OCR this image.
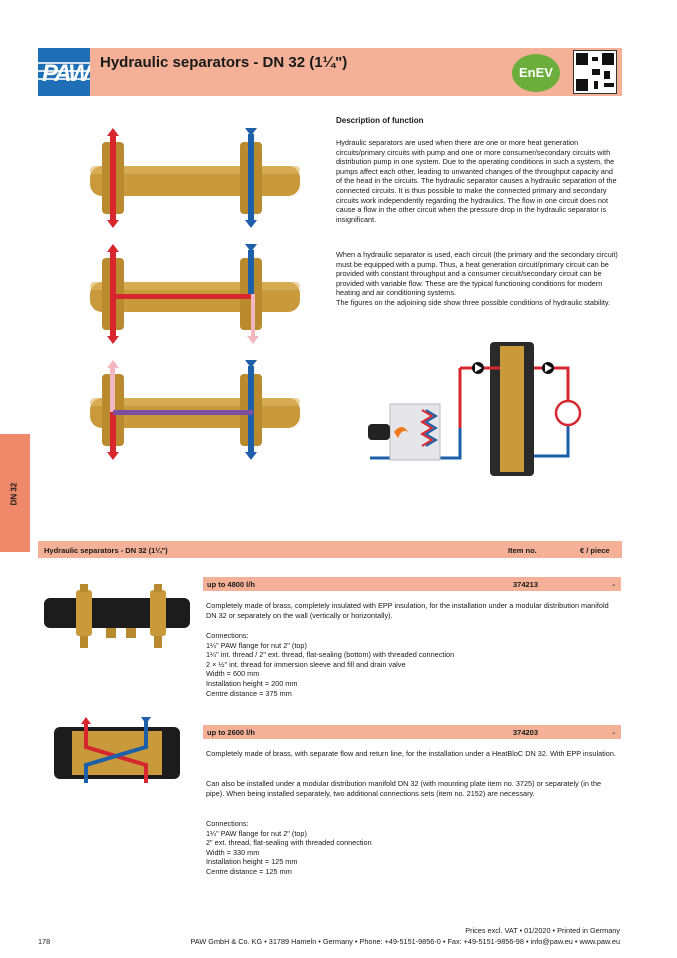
PAW Hydraulic separators - DN 32 (1¼")
EnEV
DN 32
Description of function
Hydraulic separators are used when there are one or more heat generation circuits/primary circuits with pump and one or more consumer/secondary circuits with distribution pump in one system. Due to the operating conditions in such a system, the pumps affect each other, leading to unwanted changes of the throughput capacity and of the head in the circuits. The hydraulic separator causes a hydraulic separation of the connected circuits. It is thus possible to make the connected primary and secondary circuits work independently regarding the hydraulics. The flow in one circuit does not cause a flow in the other circuit when the pressure drop in the hydraulic separator is insignificant.
When a hydraulic separator is used, each circuit (the primary and the secondary circuit) must be equipped with a pump. Thus, a heat generation circuit/primary circuit can be provided with constant throughput and a consumer circuit/secondary circuit can be provided with variable flow. These are the typical functioning conditions for modern heating and air conditioning systems.
The figures on the adjoining side show three possible conditions of hydraulic stability.
Hydraulic separators - DN 32 (1¼")	Item no.	€ / piece
up to 4800 l/h	374213	-
Completely made of brass, completely insulated with EPP insulation, for the installation under a modular distribution manifold DN 32 or separately on the wall (vertically or horizontally).
Connections:
1¼" PAW flange for nut 2" (top)
1¼" int. thread / 2" ext. thread, flat-sealing (bottom) with threaded connection
2 × ½" int. thread for immersion sleeve and fill and drain valve
Width = 600 mm
Installation height = 200 mm
Centre distance = 375 mm
up to 2600 l/h	374203	-
Completely made of brass, with separate flow and return line, for the installation under a HeatBloC DN 32. With EPP insulation.
Can also be installed under a modular distribution manifold DN 32 (with mounting plate item no. 3725) or separately (in the pipe). When being installed separately, two additional connections sets (item no. 2152) are necessary.
Connections:
1¼" PAW flange for nut 2" (top)
2" ext. thread, flat-sealing with threaded connection
Width = 330 mm
Installation height = 125 mm
Centre distance = 125 mm
178
Prices excl. VAT • 01/2020 • Printed in Germany
PAW GmbH & Co. KG • 31789 Hameln • Germany • Phone: +49-5151-9856-0 • Fax: +49-5151-9856-98 • info@paw.eu • www.paw.eu
